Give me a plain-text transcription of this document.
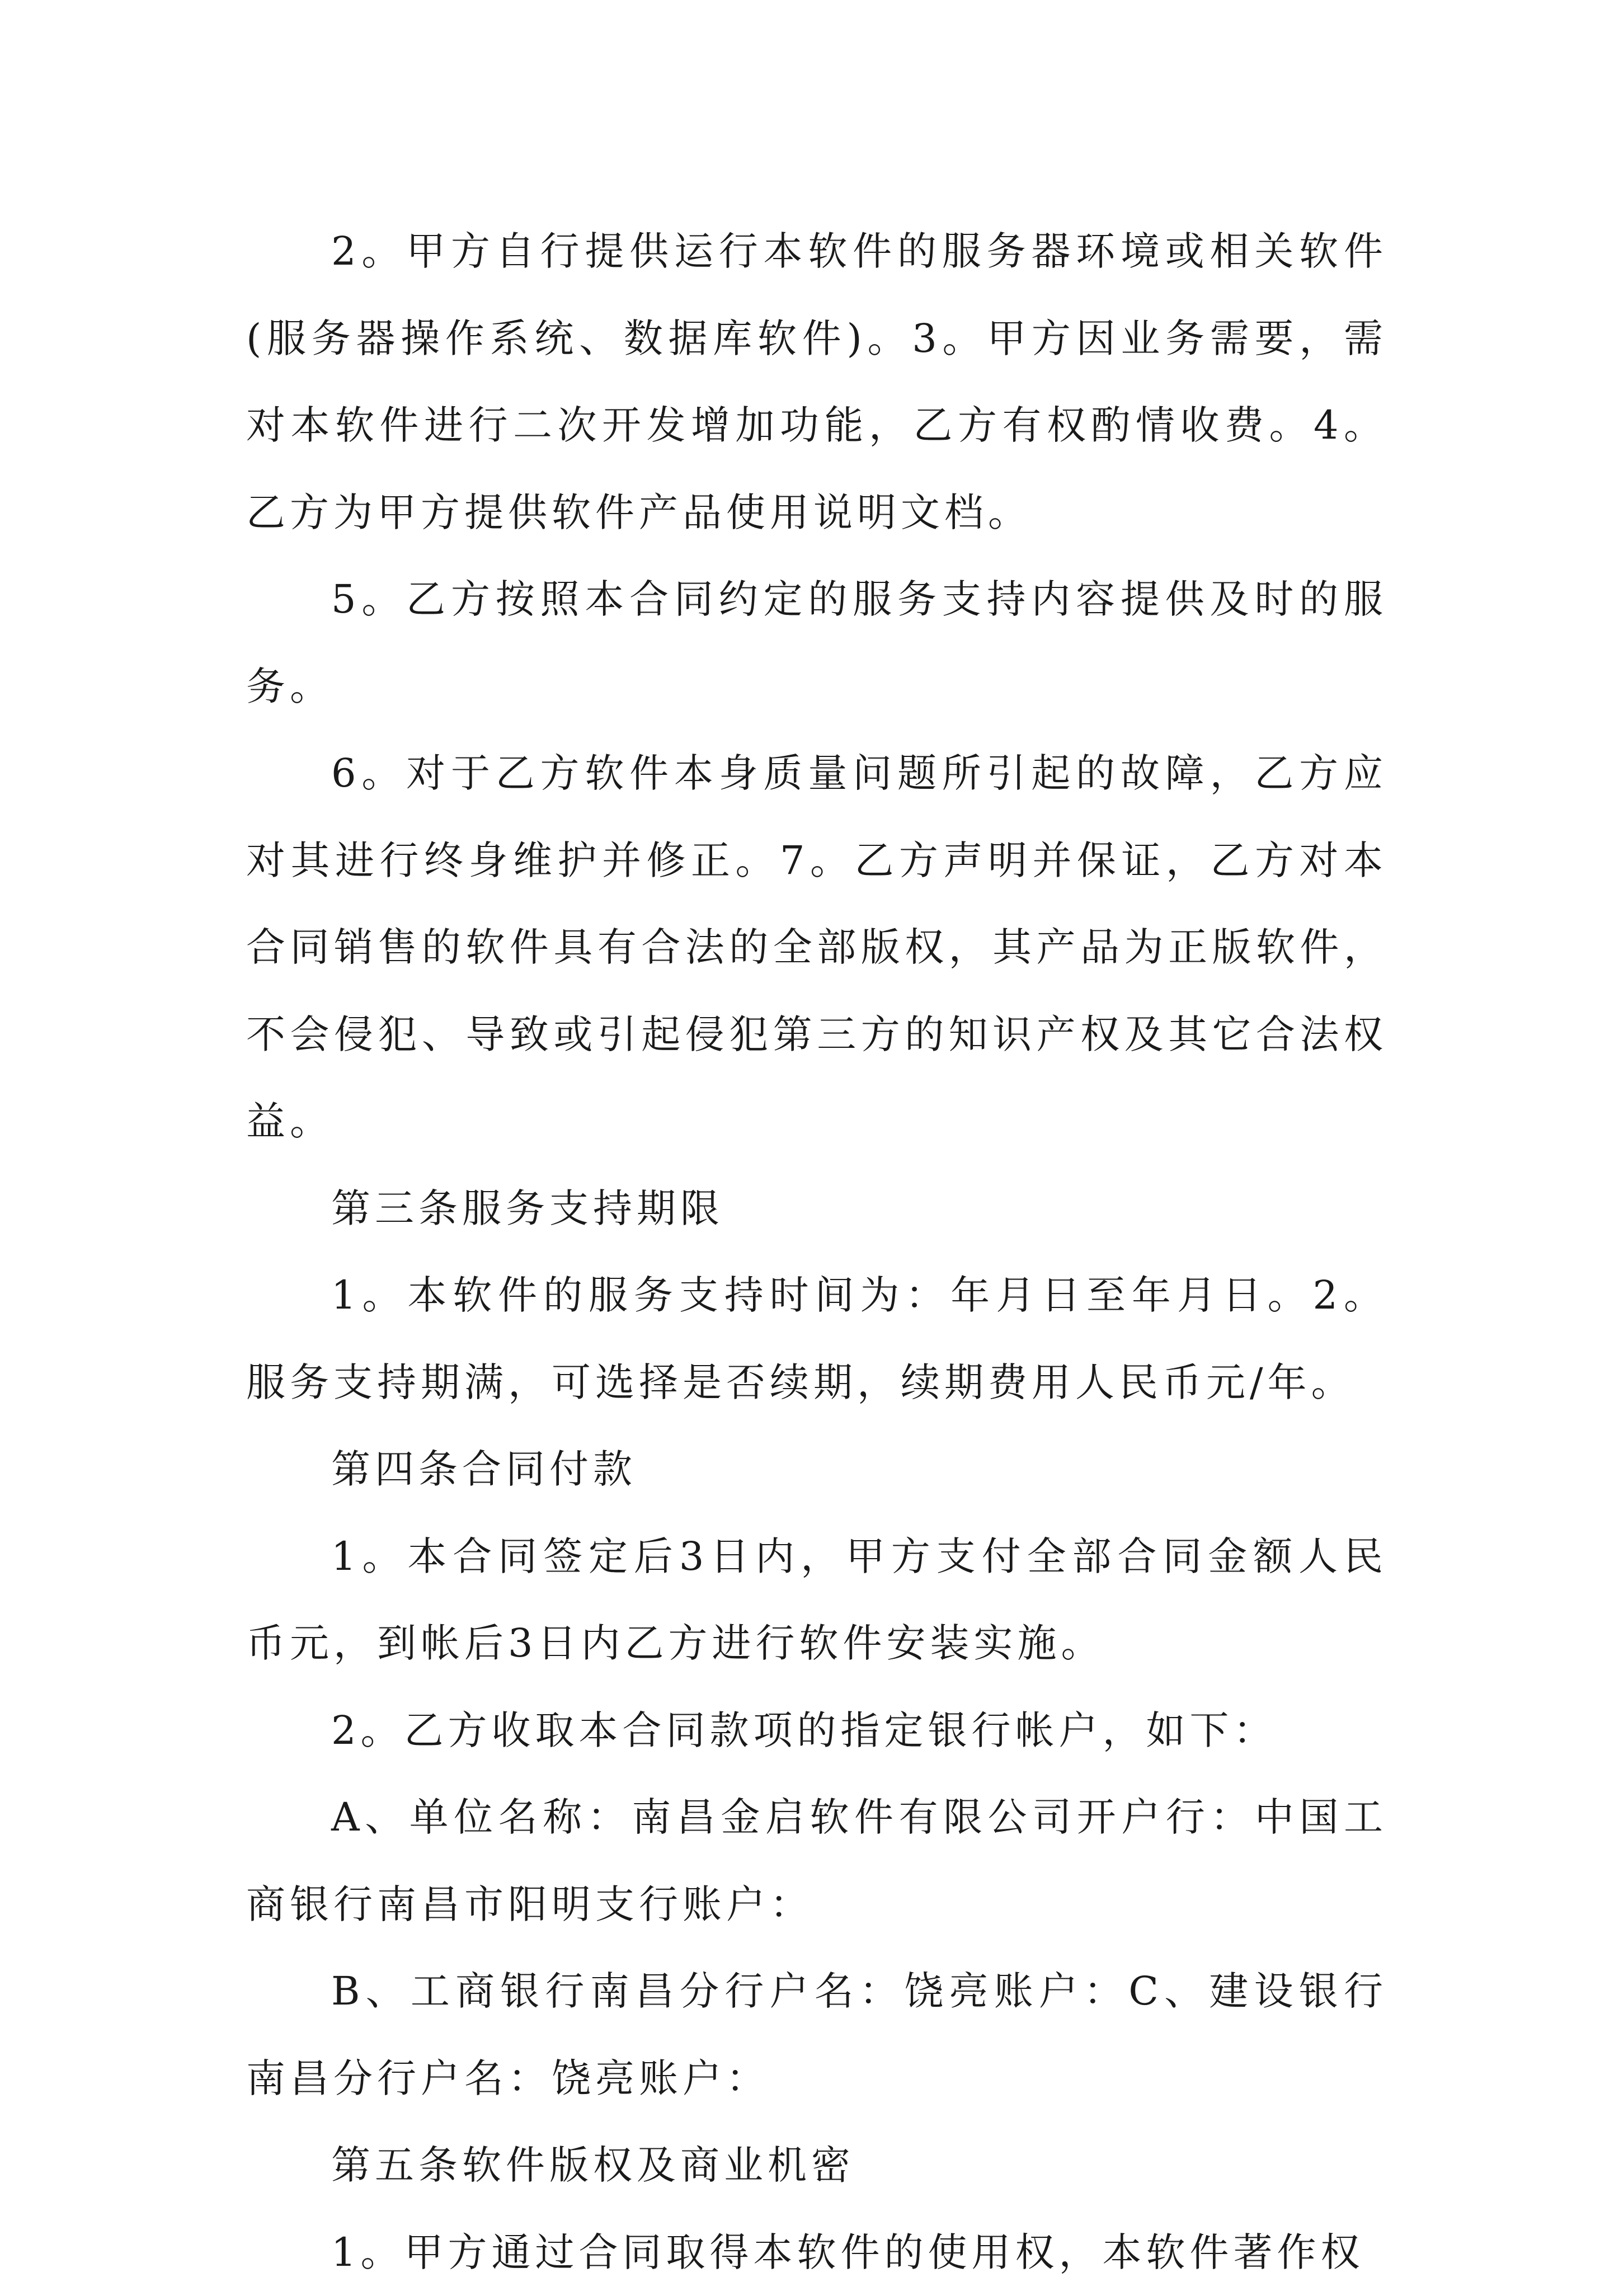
2。甲方自行提供运行本软件的服务器环境或相关软件(服务器操作系统、数据库软件)。3。甲方因业务需要，需对本软件进行二次开发增加功能，乙方有权酌情收费。4。乙方为甲方提供软件产品使用说明文档。

5。乙方按照本合同约定的服务支持内容提供及时的服务。

6。对于乙方软件本身质量问题所引起的故障，乙方应对其进行终身维护并修正。7。乙方声明并保证，乙方对本合同销售的软件具有合法的全部版权，其产品为正版软件，不会侵犯、导致或引起侵犯第三方的知识产权及其它合法权益。

第三条服务支持期限

1。本软件的服务支持时间为：年月日至年月日。2。服务支持期满，可选择是否续期，续期费用人民币元/年。

第四条合同付款

1。本合同签定后3日内，甲方支付全部合同金额人民币元，到帐后3日内乙方进行软件安装实施。

2。乙方收取本合同款项的指定银行帐户，如下：

A、单位名称：南昌金启软件有限公司开户行：中国工商银行南昌市阳明支行账户：

B、工商银行南昌分行户名：饶亮账户：C、建设银行南昌分行户名：饶亮账户：

第五条软件版权及商业机密

1。甲方通过合同取得本软件的使用权，本软件著作权
